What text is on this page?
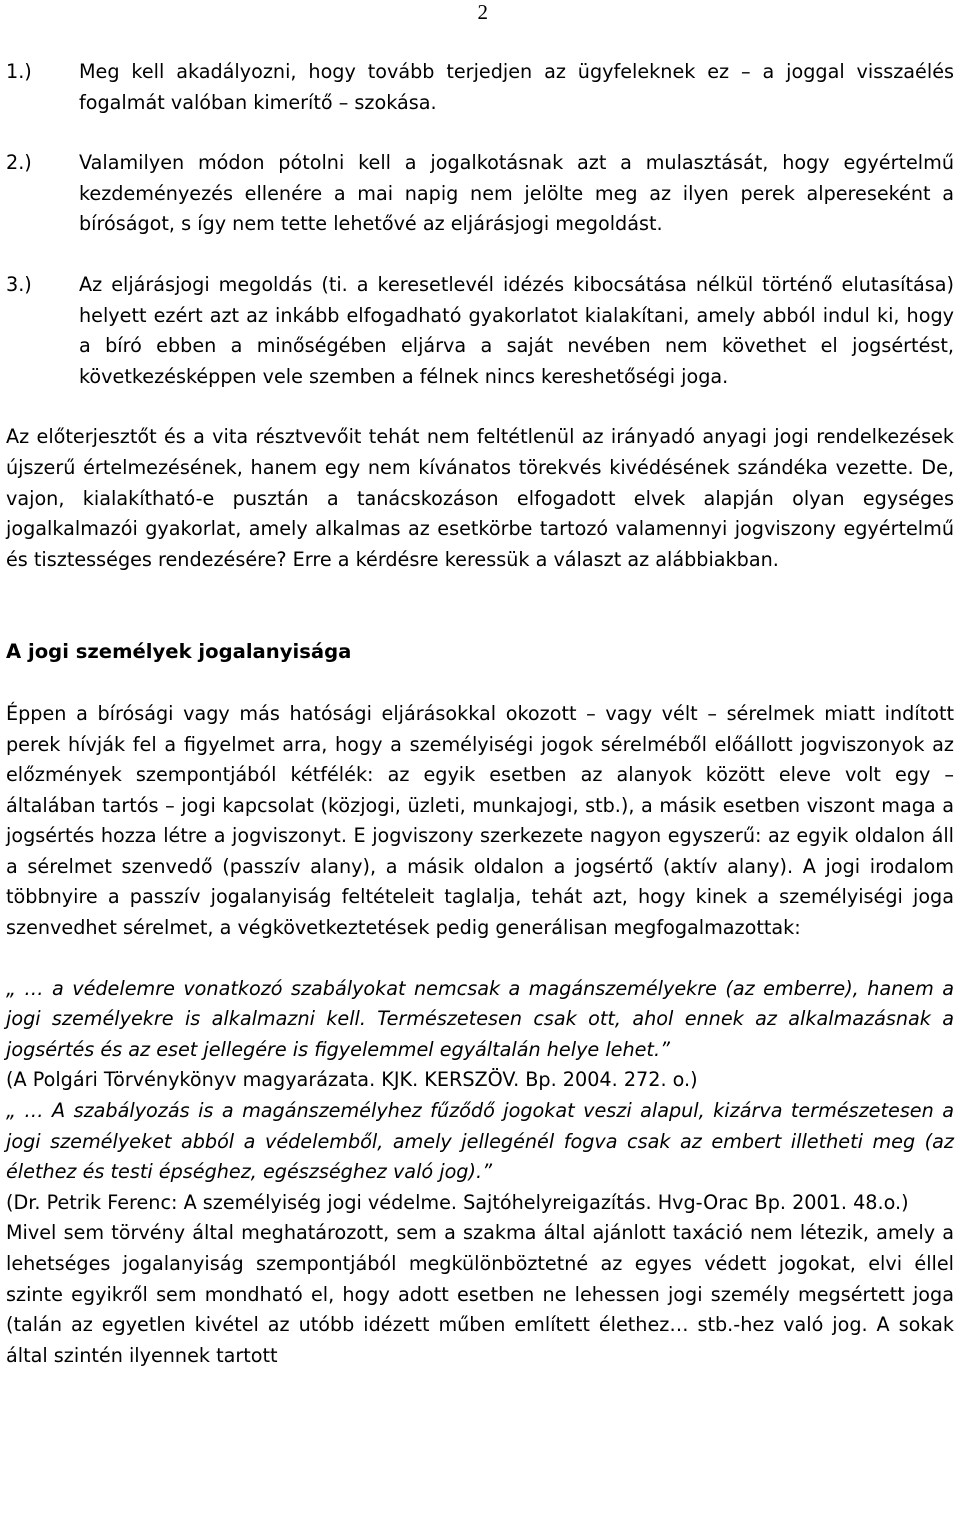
2
1.)	Meg kell akadályozni, hogy tovább terjedjen az ügyfeleknek ez – a joggal visszaélés fogalmát valóban kimerítő – szokása.
2.)	Valamilyen módon pótolni kell a jogalkotásnak azt a mulasztását, hogy egyértelmű kezdeményezés ellenére a mai napig nem jelölte meg az ilyen perek alpereseként a bíróságot, s így nem tette lehetővé az eljárásjogi megoldást.
3.)	Az eljárásjogi megoldás (ti. a keresetlevél idézés kibocsátása nélkül történő elutasítása) helyett ezért azt az inkább elfogadható gyakorlatot kialakítani, amely abból indul ki, hogy a bíró ebben a minőségében eljárva a saját nevében nem követhet el jogsértést, következésképpen vele szemben a félnek nincs kereshetőségi joga.

Az előterjesztőt és a vita résztvevőit tehát nem feltétlenül az irányadó anyagi jogi rendelkezések újszerű értelmezésének, hanem egy nem kívánatos törekvés kivédésének szándéka vezette. De, vajon, kialakítható-e pusztán a tanácskozáson elfogadott elvek alapján olyan egységes jogalkalmazói gyakorlat, amely alkalmas az esetkörbe tartozó valamennyi jogviszony egyértelmű és tisztességes rendezésére? Erre a kérdésre keressük a választ az alábbiakban.

A jogi személyek jogalanyisága

Éppen a bírósági vagy más hatósági eljárásokkal okozott – vagy vélt – sérelmek miatt indított perek hívják fel a figyelmet arra, hogy a személyiségi jogok sérelméből előállott jogviszonyok az előzmények szempontjából kétfélék: az egyik esetben az alanyok között eleve volt egy – általában tartós – jogi kapcsolat (közjogi, üzleti, munkajogi, stb.), a másik esetben viszont maga a jogsértés hozza létre a jogviszonyt. E jogviszony szerkezete nagyon egyszerű: az egyik oldalon áll a sérelmet szenvedő (passzív alany), a másik oldalon a jogsértő (aktív alany). A jogi irodalom többnyire a passzív jogalanyiság feltételeit taglalja, tehát azt, hogy kinek a személyiségi joga szenvedhet sérelmet, a végkövetkeztetések pedig generálisan megfogalmazottak:

„ … a védelemre vonatkozó szabályokat nemcsak a magánszemélyekre (az emberre), hanem a jogi személyekre is alkalmazni kell. Természetesen csak ott, ahol ennek az alkalmazásnak a jogsértés és az eset jellegére is figyelemmel egyáltalán helye lehet.”

(A Polgári Törvénykönyv magyarázata. KJK. KERSZÖV. Bp. 2004. 272. o.)

„ … A szabályozás is a magánszemélyhez fűződő jogokat veszi alapul, kizárva természetesen a jogi személyeket abból a védelemből, amely jellegénél fogva csak az embert illetheti meg (az élethez és testi épséghez, egészséghez való jog).”

(Dr. Petrik Ferenc: A személyiség jogi védelme. Sajtóhelyreigazítás. Hvg-Orac Bp. 2001. 48.o.)

Mivel sem törvény által meghatározott, sem a szakma által ajánlott taxáció nem létezik, amely a lehetséges jogalanyiság szempontjából megkülönböztetné az egyes védett jogokat, elvi éllel szinte egyikről sem mondható el, hogy adott esetben ne lehessen jogi személy megsértett joga (talán az egyetlen kivétel az utóbb idézett műben említett élethez… stb.-hez való jog. A sokak által szintén ilyennek tartott
